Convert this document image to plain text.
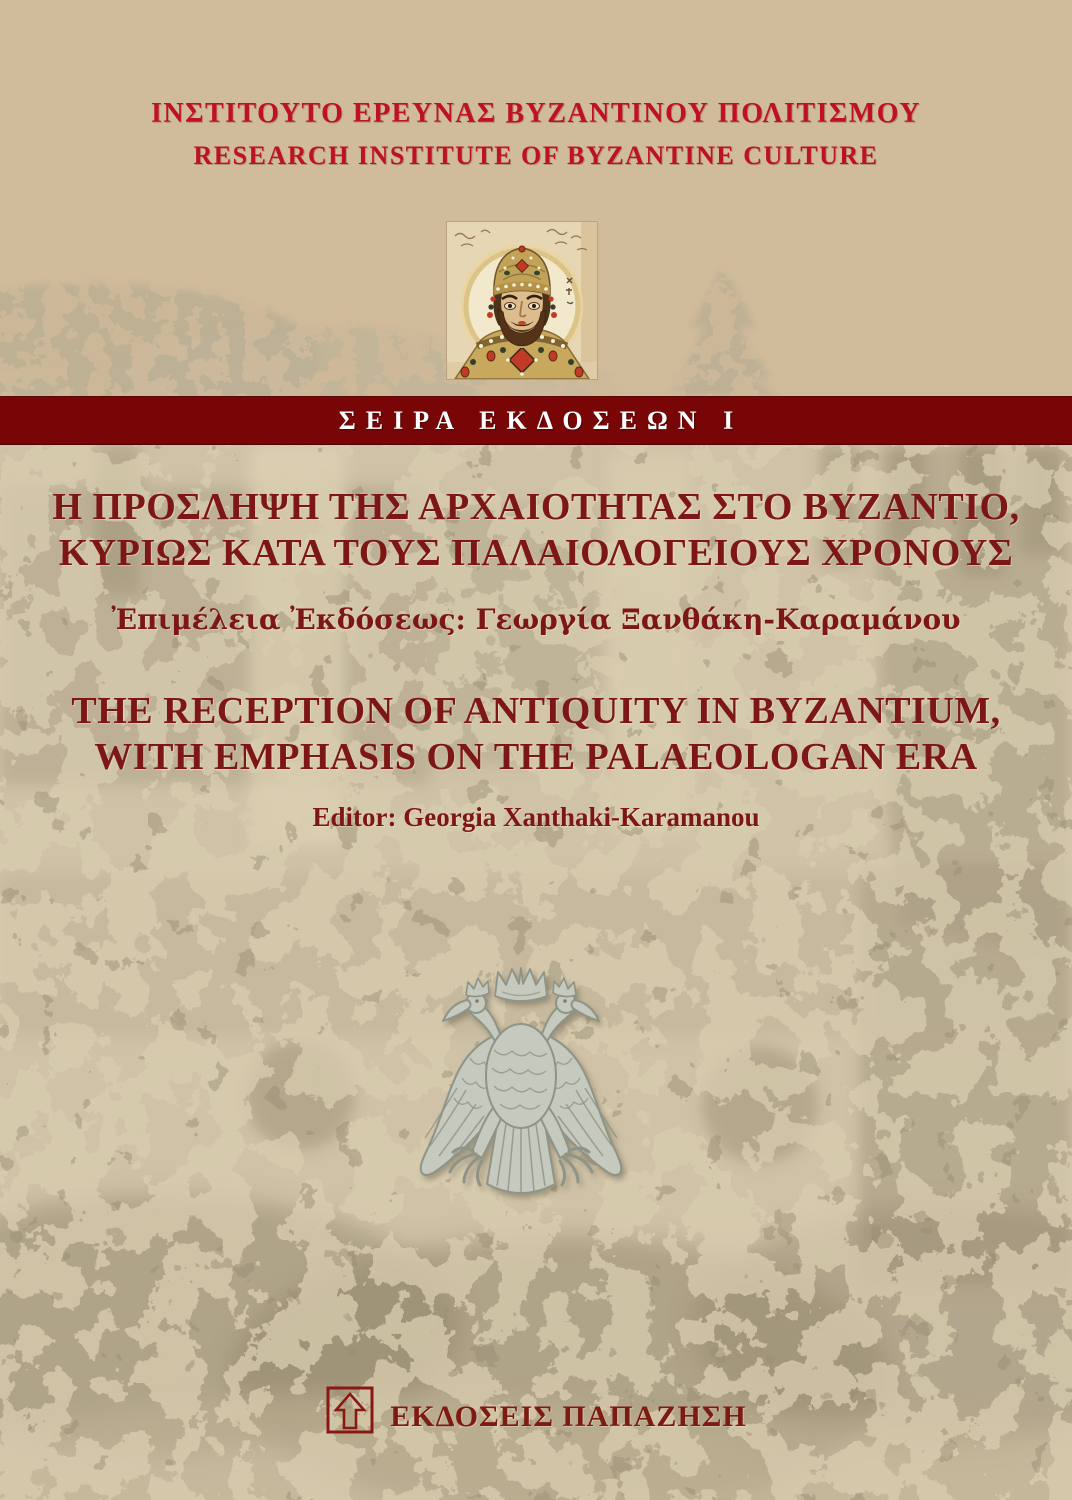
ΙΝΣΤΙΤΟΥΤΟ ΕΡΕΥΝΑΣ ΒΥΖΑΝΤΙΝΟΥ ΠΟΛΙΤΙΣΜΟΥ
RESEARCH INSTITUTE OF BYZANTINE CULTURE
ΣΕΙΡΑ ΕΚΔΟΣΕΩΝ Ι
Η ΠΡΟΣΛΗΨΗ ΤΗΣ ΑΡΧΑΙΟΤΗΤΑΣ ΣΤΟ ΒΥΖΑΝΤΙΟ,
ΚΥΡΙΩΣ ΚΑΤΑ ΤΟΥΣ ΠΑΛΑΙΟΛΟΓΕΙΟΥΣ ΧΡΟΝΟΥΣ
Ἐπιμέλεια Ἐκδόσεως: Γεωργία Ξανθάκη-Καραμάνου
THE RECEPTION OF ANTIQUITY IN BYZANTIUM,
WITH EMPHASIS ON THE PALAEOLOGAN ERA
Editor: Georgia Xanthaki-Karamanou
ΕΚΔΟΣΕΙΣ ΠΑΠΑΖΗΣΗ
